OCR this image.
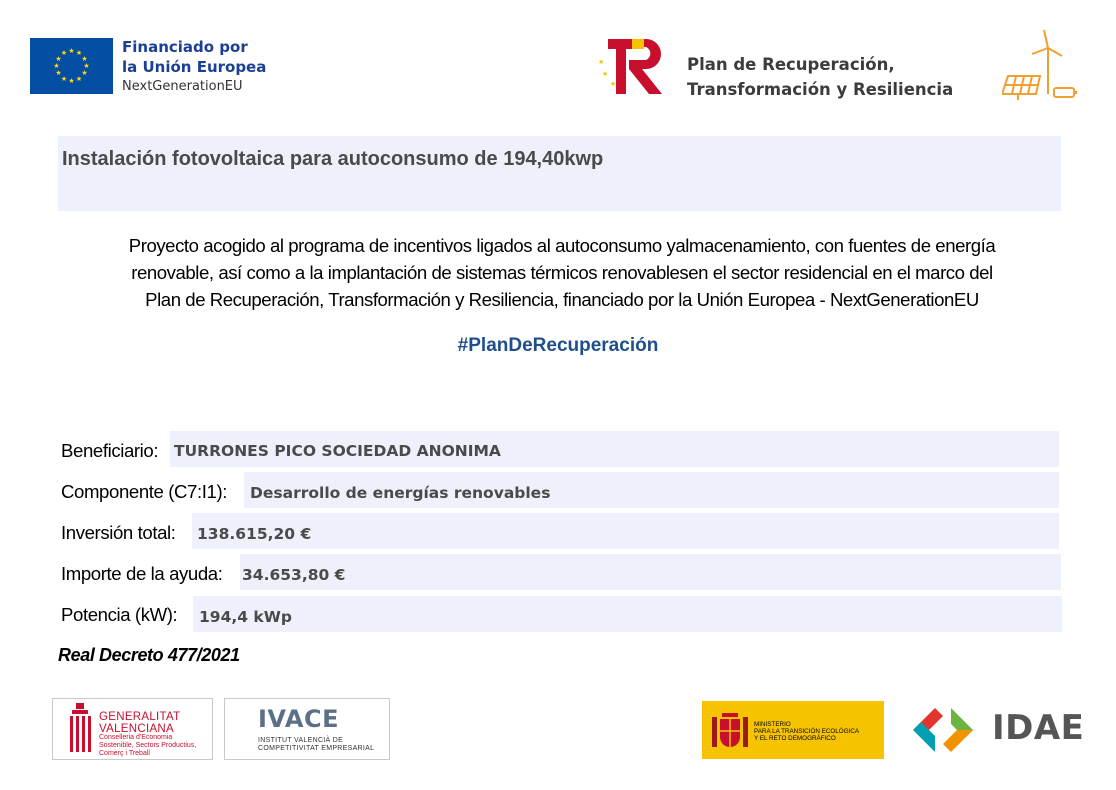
★ ★
★
★
★
★
★
★
★
★
★
★	Financiado por
la Unión Europea
NextGenerationEU
★
★
★
Plan de Recuperación,
Transformación y Resiliencia
Instalación fotovoltaica para autoconsumo de 194,40kwp
Proyecto acogido al programa de incentivos ligados al autoconsumo yalmacenamiento, con fuentes de energía
renovable, así como a la implantación de sistemas térmicos renovablesen el sector residencial en el marco del
Plan de Recuperación, Transformación y Resiliencia, financiado por la Unión Europea - NextGenerationEU
#PlanDeRecuperación
Beneficiario: TURRONES PICO SOCIEDAD ANONIMA
Componente (C7:I1): Desarrollo de energías renovables
Inversión total: 138.615,20 €
Importe de la ayuda: 34.653,80 €
Potencia (kW): 194,4 kWp
Real Decreto 477/2021
GENERALITAT
VALENCIANA
Conselleria d'Economia
Sostenible, Sectors Productius,
Comerç i Treball
IVACE
INSTITUT VALENCIÀ DE
COMPETITIVITAT EMPRESARIAL
MINISTERIO
PARA LA TRANSICIÓN ECOLÓGICA
Y EL RETO DEMOGRÁFICO	IDAE
